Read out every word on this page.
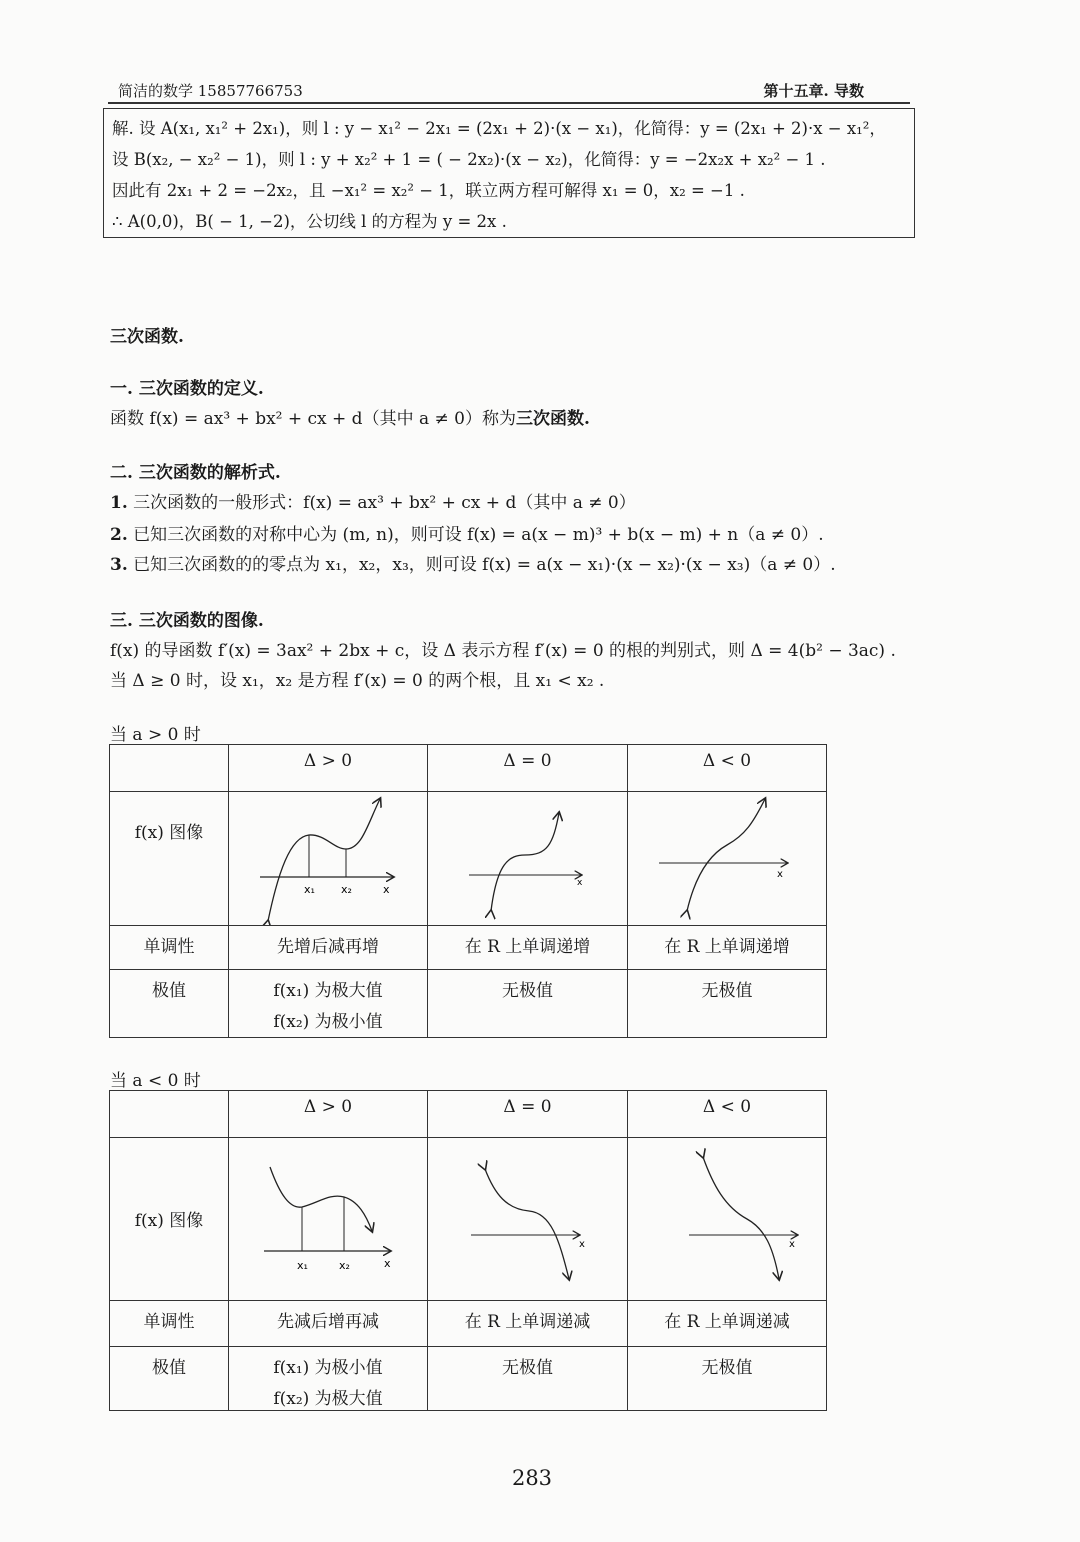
简洁的数学 15857766753	第十五章. 导数
解. 设 A(x₁, x₁² + 2x₁)，则 l : y − x₁² − 2x₁ = (2x₁ + 2)·(x − x₁)，化简得：y = (2x₁ + 2)·x − x₁²，
设 B(x₂, − x₂² − 1)，则 l : y + x₂² + 1 = ( − 2x₂)·(x − x₂)，化简得：y = −2x₂x + x₂² − 1 .
因此有 2x₁ + 2 = −2x₂，且 −x₁² = x₂² − 1，联立两方程可解得 x₁ = 0，x₂ = −1 .
∴ A(0,0)，B( − 1, −2)，公切线 l 的方程为 y = 2x .
三次函数.
一. 三次函数的定义.
函数 f(x) = ax³ + bx² + cx + d（其中 a ≠ 0）称为三次函数.
二. 三次函数的解析式.
1. 三次函数的一般形式：f(x) = ax³ + bx² + cx + d（其中 a ≠ 0）
2. 已知三次函数的对称中心为 (m, n)，则可设 f(x) = a(x − m)³ + b(x − m) + n（a ≠ 0）.
3. 已知三次函数的的零点为 x₁，x₂，x₃，则可设 f(x) = a(x − x₁)·(x − x₂)·(x − x₃)（a ≠ 0）.
三. 三次函数的图像.
f(x) 的导函数 f′(x) = 3ax² + 2bx + c，设 Δ 表示方程 f′(x) = 0 的根的判别式，则 Δ = 4(b² − 3ac) .
当 Δ ≥ 0 时，设 x₁，x₂ 是方程 f′(x) = 0 的两个根，且 x₁ < x₂ .
当 a > 0 时
	Δ > 0	Δ = 0	Δ < 0
f(x) 图像	x₁ x₂ x	x	x

单调性	先增后减再增	在 R 上单调递增	在 R 上单调递增
极值	f(x₁) 为极大值
f(x₂) 为极小值	无极值	无极值
当 a < 0 时
	Δ > 0	Δ = 0	Δ < 0
f(x) 图像	x₁ x₂ x	x	x

单调性	先减后增再减	在 R 上单调递减	在 R 上单调递减
极值	f(x₁) 为极小值
f(x₂) 为极大值	无极值	无极值
283
